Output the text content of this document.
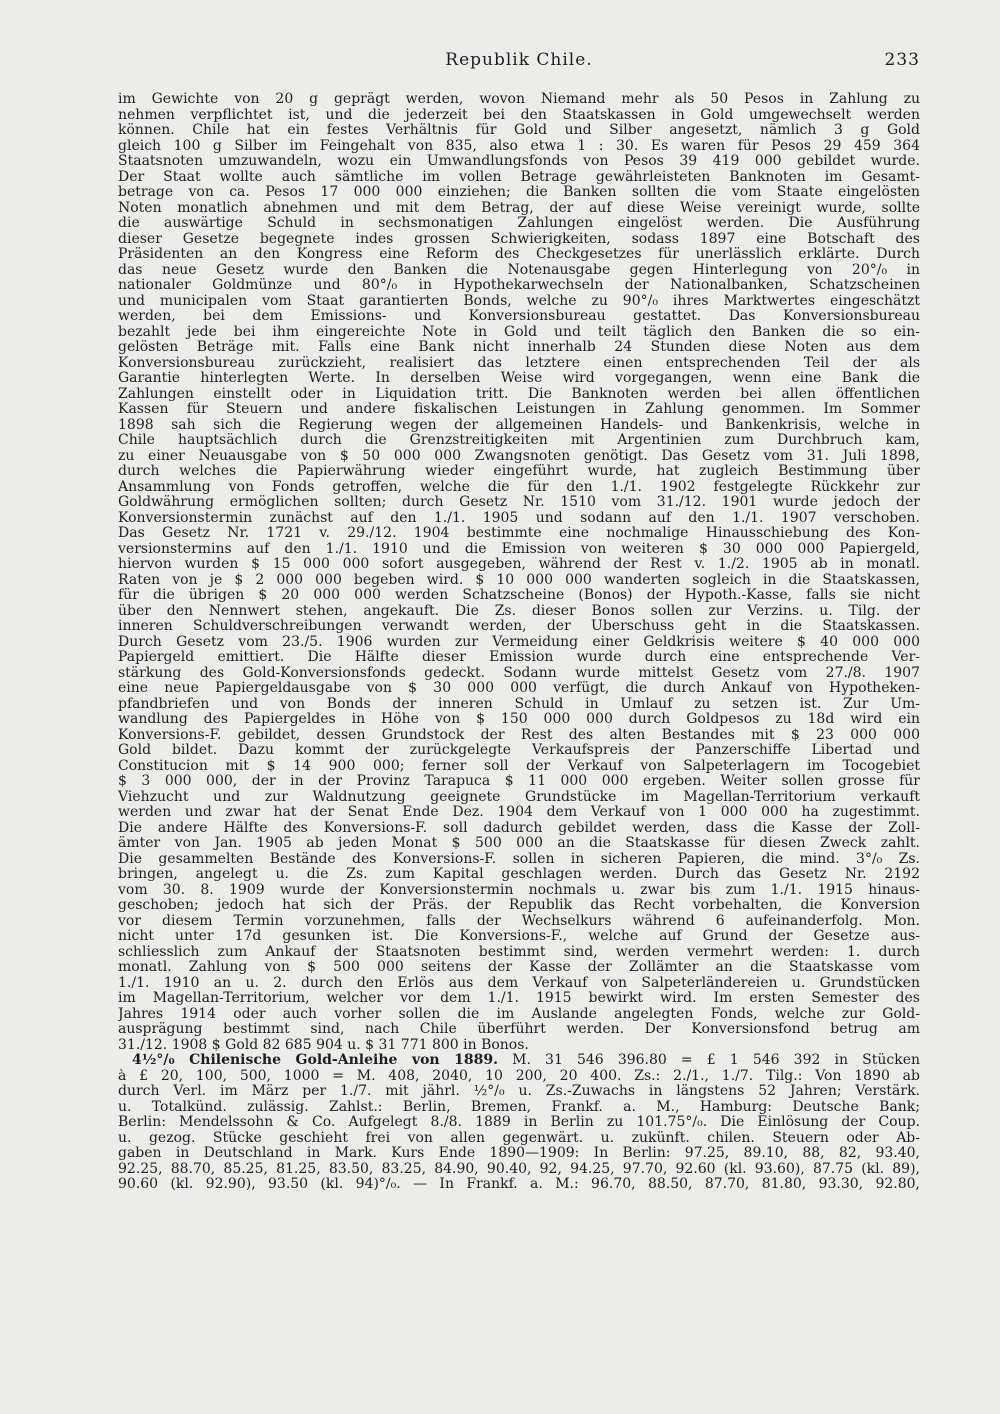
Republik Chile.	233
im Gewichte von 20 g geprägt werden, wovon Niemand mehr als 50 Pesos in Zahlung zu
nehmen verpflichtet ist, und die jederzeit bei den Staatskassen in Gold umgewechselt werden
können. Chile hat ein festes Verhältnis für Gold und Silber angesetzt, nämlich 3 g Gold
gleich 100 g Silber im Feingehalt von 835, also etwa 1 : 30. Es waren für Pesos 29 459 364
Staatsnoten umzuwandeln, wozu ein Umwandlungsfonds von Pesos 39 419 000 gebildet wurde.
Der Staat wollte auch sämtliche im vollen Betrage gewährleisteten Banknoten im Gesamt-
betrage von ca. Pesos 17 000 000 einziehen; die Banken sollten die vom Staate eingelösten
Noten monatlich abnehmen und mit dem Betrag, der auf diese Weise vereinigt wurde, sollte
die auswärtige Schuld in sechsmonatigen Zahlungen eingelöst werden. Die Ausführung
dieser Gesetze begegnete indes grossen Schwierigkeiten, sodass 1897 eine Botschaft des
Präsidenten an den Kongress eine Reform des Checkgesetzes für unerlässlich erklärte. Durch
das neue Gesetz wurde den Banken die Notenausgabe gegen Hinterlegung von 20°/₀ in
nationaler Goldmünze und 80°/₀ in Hypothekarwechseln der Nationalbanken, Schatzscheinen
und municipalen vom Staat garantierten Bonds, welche zu 90°/₀ ihres Marktwertes eingeschätzt
werden, bei dem Emissions- und Konversionsbureau gestattet. Das Konversionsbureau
bezahlt jede bei ihm eingereichte Note in Gold und teilt täglich den Banken die so ein-
gelösten Beträge mit. Falls eine Bank nicht innerhalb 24 Stunden diese Noten aus dem
Konversionsbureau zurückzieht, realisiert das letztere einen entsprechenden Teil der als
Garantie hinterlegten Werte. In derselben Weise wird vorgegangen, wenn eine Bank die
Zahlungen einstellt oder in Liquidation tritt. Die Banknoten werden bei allen öffentlichen
Kassen für Steuern und andere fiskalischen Leistungen in Zahlung genommen. Im Sommer
1898 sah sich die Regierung wegen der allgemeinen Handels- und Bankenkrisis, welche in
Chile hauptsächlich durch die Grenzstreitigkeiten mit Argentinien zum Durchbruch kam,
zu einer Neuausgabe von $ 50 000 000 Zwangsnoten genötigt. Das Gesetz vom 31. Juli 1898,
durch welches die Papierwährung wieder eingeführt wurde, hat zugleich Bestimmung über
Ansammlung von Fonds getroffen, welche die für den 1./1. 1902 festgelegte Rückkehr zur
Goldwährung ermöglichen sollten; durch Gesetz Nr. 1510 vom 31./12. 1901 wurde jedoch der
Konversionstermin zunächst auf den 1./1. 1905 und sodann auf den 1./1. 1907 verschoben.
Das Gesetz Nr. 1721 v. 29./12. 1904 bestimmte eine nochmalige Hinausschiebung des Kon-
versionstermins auf den 1./1. 1910 und die Emission von weiteren $ 30 000 000 Papiergeld,
hiervon wurden $ 15 000 000 sofort ausgegeben, während der Rest v. 1./2. 1905 ab in monatl.
Raten von je $ 2 000 000 begeben wird. $ 10 000 000 wanderten sogleich in die Staatskassen,
für die übrigen $ 20 000 000 werden Schatzscheine (Bonos) der Hypoth.-Kasse, falls sie nicht
über den Nennwert stehen, angekauft. Die Zs. dieser Bonos sollen zur Verzins. u. Tilg. der
inneren Schuldverschreibungen verwandt werden, der Überschuss geht in die Staatskassen.
Durch Gesetz vom 23./5. 1906 wurden zur Vermeidung einer Geldkrisis weitere $ 40 000 000
Papiergeld emittiert. Die Hälfte dieser Emission wurde durch eine entsprechende Ver-
stärkung des Gold-Konversionsfonds gedeckt. Sodann wurde mittelst Gesetz vom 27./8. 1907
eine neue Papiergeldausgabe von $ 30 000 000 verfügt, die durch Ankauf von Hypotheken-
pfandbriefen und von Bonds der inneren Schuld in Umlauf zu setzen ist. Zur Um-
wandlung des Papiergeldes in Höhe von $ 150 000 000 durch Goldpesos zu 18d wird ein
Konversions-F. gebildet, dessen Grundstock der Rest des alten Bestandes mit $ 23 000 000
Gold bildet. Dazu kommt der zurückgelegte Verkaufspreis der Panzerschiffe Libertad und
Constitucion mit $ 14 900 000; ferner soll der Verkauf von Salpeterlagern im Tocogebiet
$ 3 000 000, der in der Provinz Tarapuca $ 11 000 000 ergeben. Weiter sollen grosse für
Viehzucht und zur Waldnutzung geeignete Grundstücke im Magellan-Territorium verkauft
werden und zwar hat der Senat Ende Dez. 1904 dem Verkauf von 1 000 000 ha zugestimmt.
Die andere Hälfte des Konversions-F. soll dadurch gebildet werden, dass die Kasse der Zoll-
ämter von Jan. 1905 ab jeden Monat $ 500 000 an die Staatskasse für diesen Zweck zahlt.
Die gesammelten Bestände des Konversions-F. sollen in sicheren Papieren, die mind. 3°/₀ Zs.
bringen, angelegt u. die Zs. zum Kapital geschlagen werden. Durch das Gesetz Nr. 2192
vom 30. 8. 1909 wurde der Konversionstermin nochmals u. zwar bis zum 1./1. 1915 hinaus-
geschoben; jedoch hat sich der Präs. der Republik das Recht vorbehalten, die Konversion
vor diesem Termin vorzunehmen, falls der Wechselkurs während 6 aufeinanderfolg. Mon.
nicht unter 17d gesunken ist. Die Konversions-F., welche auf Grund der Gesetze aus-
schliesslich zum Ankauf der Staatsnoten bestimmt sind, werden vermehrt werden: 1. durch
monatl. Zahlung von $ 500 000 seitens der Kasse der Zollämter an die Staatskasse vom
1./1. 1910 an u. 2. durch den Erlös aus dem Verkauf von Salpeterländereien u. Grundstücken
im Magellan-Territorium, welcher vor dem 1./1. 1915 bewirkt wird. Im ersten Semester des
Jahres 1914 oder auch vorher sollen die im Auslande angelegten Fonds, welche zur Gold-
ausprägung bestimmt sind, nach Chile überführt werden. Der Konversionsfond betrug am
31./12. 1908 $ Gold 82 685 904 u. $ 31 771 800 in Bonos.
4½°/₀ Chilenische Gold-Anleihe von 1889. M. 31 546 396.80 = £ 1 546 392 in Stücken
à £ 20, 100, 500, 1000 = M. 408, 2040, 10 200, 20 400. Zs.: 2./1., 1./7. Tilg.: Von 1890 ab
durch Verl. im März per 1./7. mit jährl. ½°/₀ u. Zs.-Zuwachs in längstens 52 Jahren; Verstärk.
u. Totalkünd. zulässig. Zahlst.: Berlin, Bremen, Frankf. a. M., Hamburg: Deutsche Bank;
Berlin: Mendelssohn & Co. Aufgelegt 8./8. 1889 in Berlin zu 101.75°/₀. Die Einlösung der Coup.
u. gezog. Stücke geschieht frei von allen gegenwärt. u. zukünft. chilen. Steuern oder Ab-
gaben in Deutschland in Mark. Kurs Ende 1890—1909: In Berlin: 97.25, 89.10, 88, 82, 93.40,
92.25, 88.70, 85.25, 81.25, 83.50, 83.25, 84.90, 90.40, 92, 94.25, 97.70, 92.60 (kl. 93.60), 87.75 (kl. 89),
90.60 (kl. 92.90), 93.50 (kl. 94)°/₀. — In Frankf. a. M.: 96.70, 88.50, 87.70, 81.80, 93.30, 92.80,
